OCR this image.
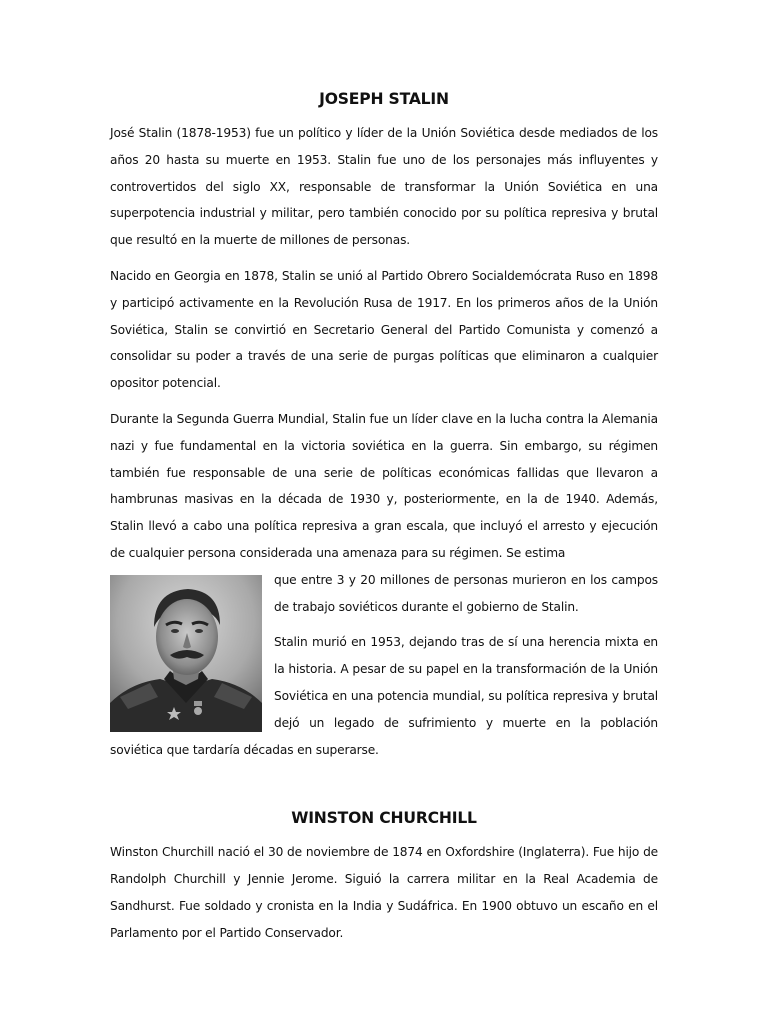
JOSEPH STALIN

José Stalin (1878-1953) fue un político y líder de la Unión Soviética desde mediados de los años 20 hasta su muerte en 1953. Stalin fue uno de los personajes más influyentes y controvertidos del siglo XX, responsable de transformar la Unión Soviética en una superpotencia industrial y militar, pero también conocido por su política represiva y brutal que resultó en la muerte de millones de personas.

Nacido en Georgia en 1878, Stalin se unió al Partido Obrero Socialdemócrata Ruso en 1898 y participó activamente en la Revolución Rusa de 1917. En los primeros años de la Unión Soviética, Stalin se convirtió en Secretario General del Partido Comunista y comenzó a consolidar su poder a través de una serie de purgas políticas que eliminaron a cualquier opositor potencial.

Durante la Segunda Guerra Mundial, Stalin fue un líder clave en la lucha contra la Alemania nazi y fue fundamental en la victoria soviética en la guerra. Sin embargo, su régimen también fue responsable de una serie de políticas económicas fallidas que llevaron a hambrunas masivas en la década de 1930 y, posteriormente, en la de 1940. Además, Stalin llevó a cabo una política represiva a gran escala, que incluyó el arresto y ejecución de cualquier persona considerada una amenaza para su régimen. Se estima

que entre 3 y 20 millones de personas murieron en los campos de trabajo soviéticos durante el gobierno de Stalin.

Stalin murió en 1953, dejando tras de sí una herencia mixta en la historia. A pesar de su papel en la transformación de la Unión Soviética en una potencia mundial, su política represiva y brutal dejó un legado de sufrimiento y muerte en la población soviética que tardaría décadas en superarse.

WINSTON CHURCHILL

Winston Churchill nació el 30 de noviembre de 1874 en Oxfordshire (Inglaterra). Fue hijo de Randolph Churchill y Jennie Jerome. Siguió la carrera militar en la Real Academia de Sandhurst. Fue soldado y cronista en la India y Sudáfrica. En 1900 obtuvo un escaño en el Parlamento por el Partido Conservador.
